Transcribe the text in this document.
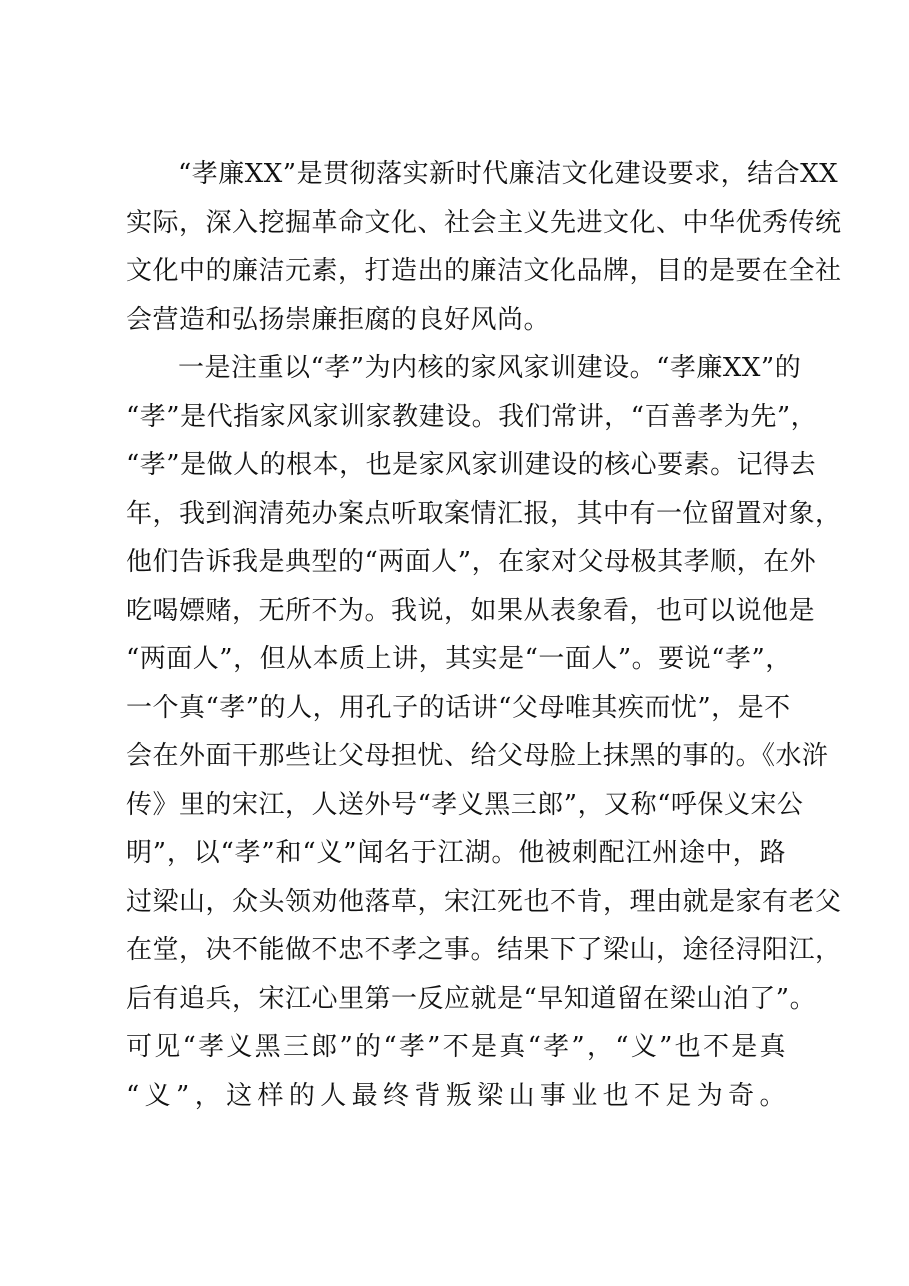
“孝廉XX”是贯彻落实新时代廉洁文化建设要求，结合XX
实际，深入挖掘革命文化、社会主义先进文化、中华优秀传统
文化中的廉洁元素，打造出的廉洁文化品牌，目的是要在全社
会营造和弘扬崇廉拒腐的良好风尚。
一是注重以“孝”为内核的家风家训建设。“孝廉XX”的
“孝”是代指家风家训家教建设。我们常讲，“百善孝为先”，
“孝”是做人的根本，也是家风家训建设的核心要素。记得去
年，我到润清苑办案点听取案情汇报，其中有一位留置对象，
他们告诉我是典型的“两面人”，在家对父母极其孝顺，在外
吃喝嫖赌，无所不为。我说，如果从表象看，也可以说他是
“两面人”，但从本质上讲，其实是“一面人”。要说“孝”，
一个真“孝”的人，用孔子的话讲“父母唯其疾而忧”，是不
会在外面干那些让父母担忧、给父母脸上抹黑的事的。《水浒
传》里的宋江，人送外号“孝义黑三郎”，又称“呼保义宋公
明”，以“孝”和“义”闻名于江湖。他被刺配江州途中，路
过梁山，众头领劝他落草，宋江死也不肯，理由就是家有老父
在堂，决不能做不忠不孝之事。结果下了梁山，途径浔阳江，
后有追兵，宋江心里第一反应就是“早知道留在梁山泊了”。
可见“孝义黑三郎”的“孝”不是真“孝”，“义”也不是真
“义”，这样的人最终背叛梁山事业也不足为奇。
